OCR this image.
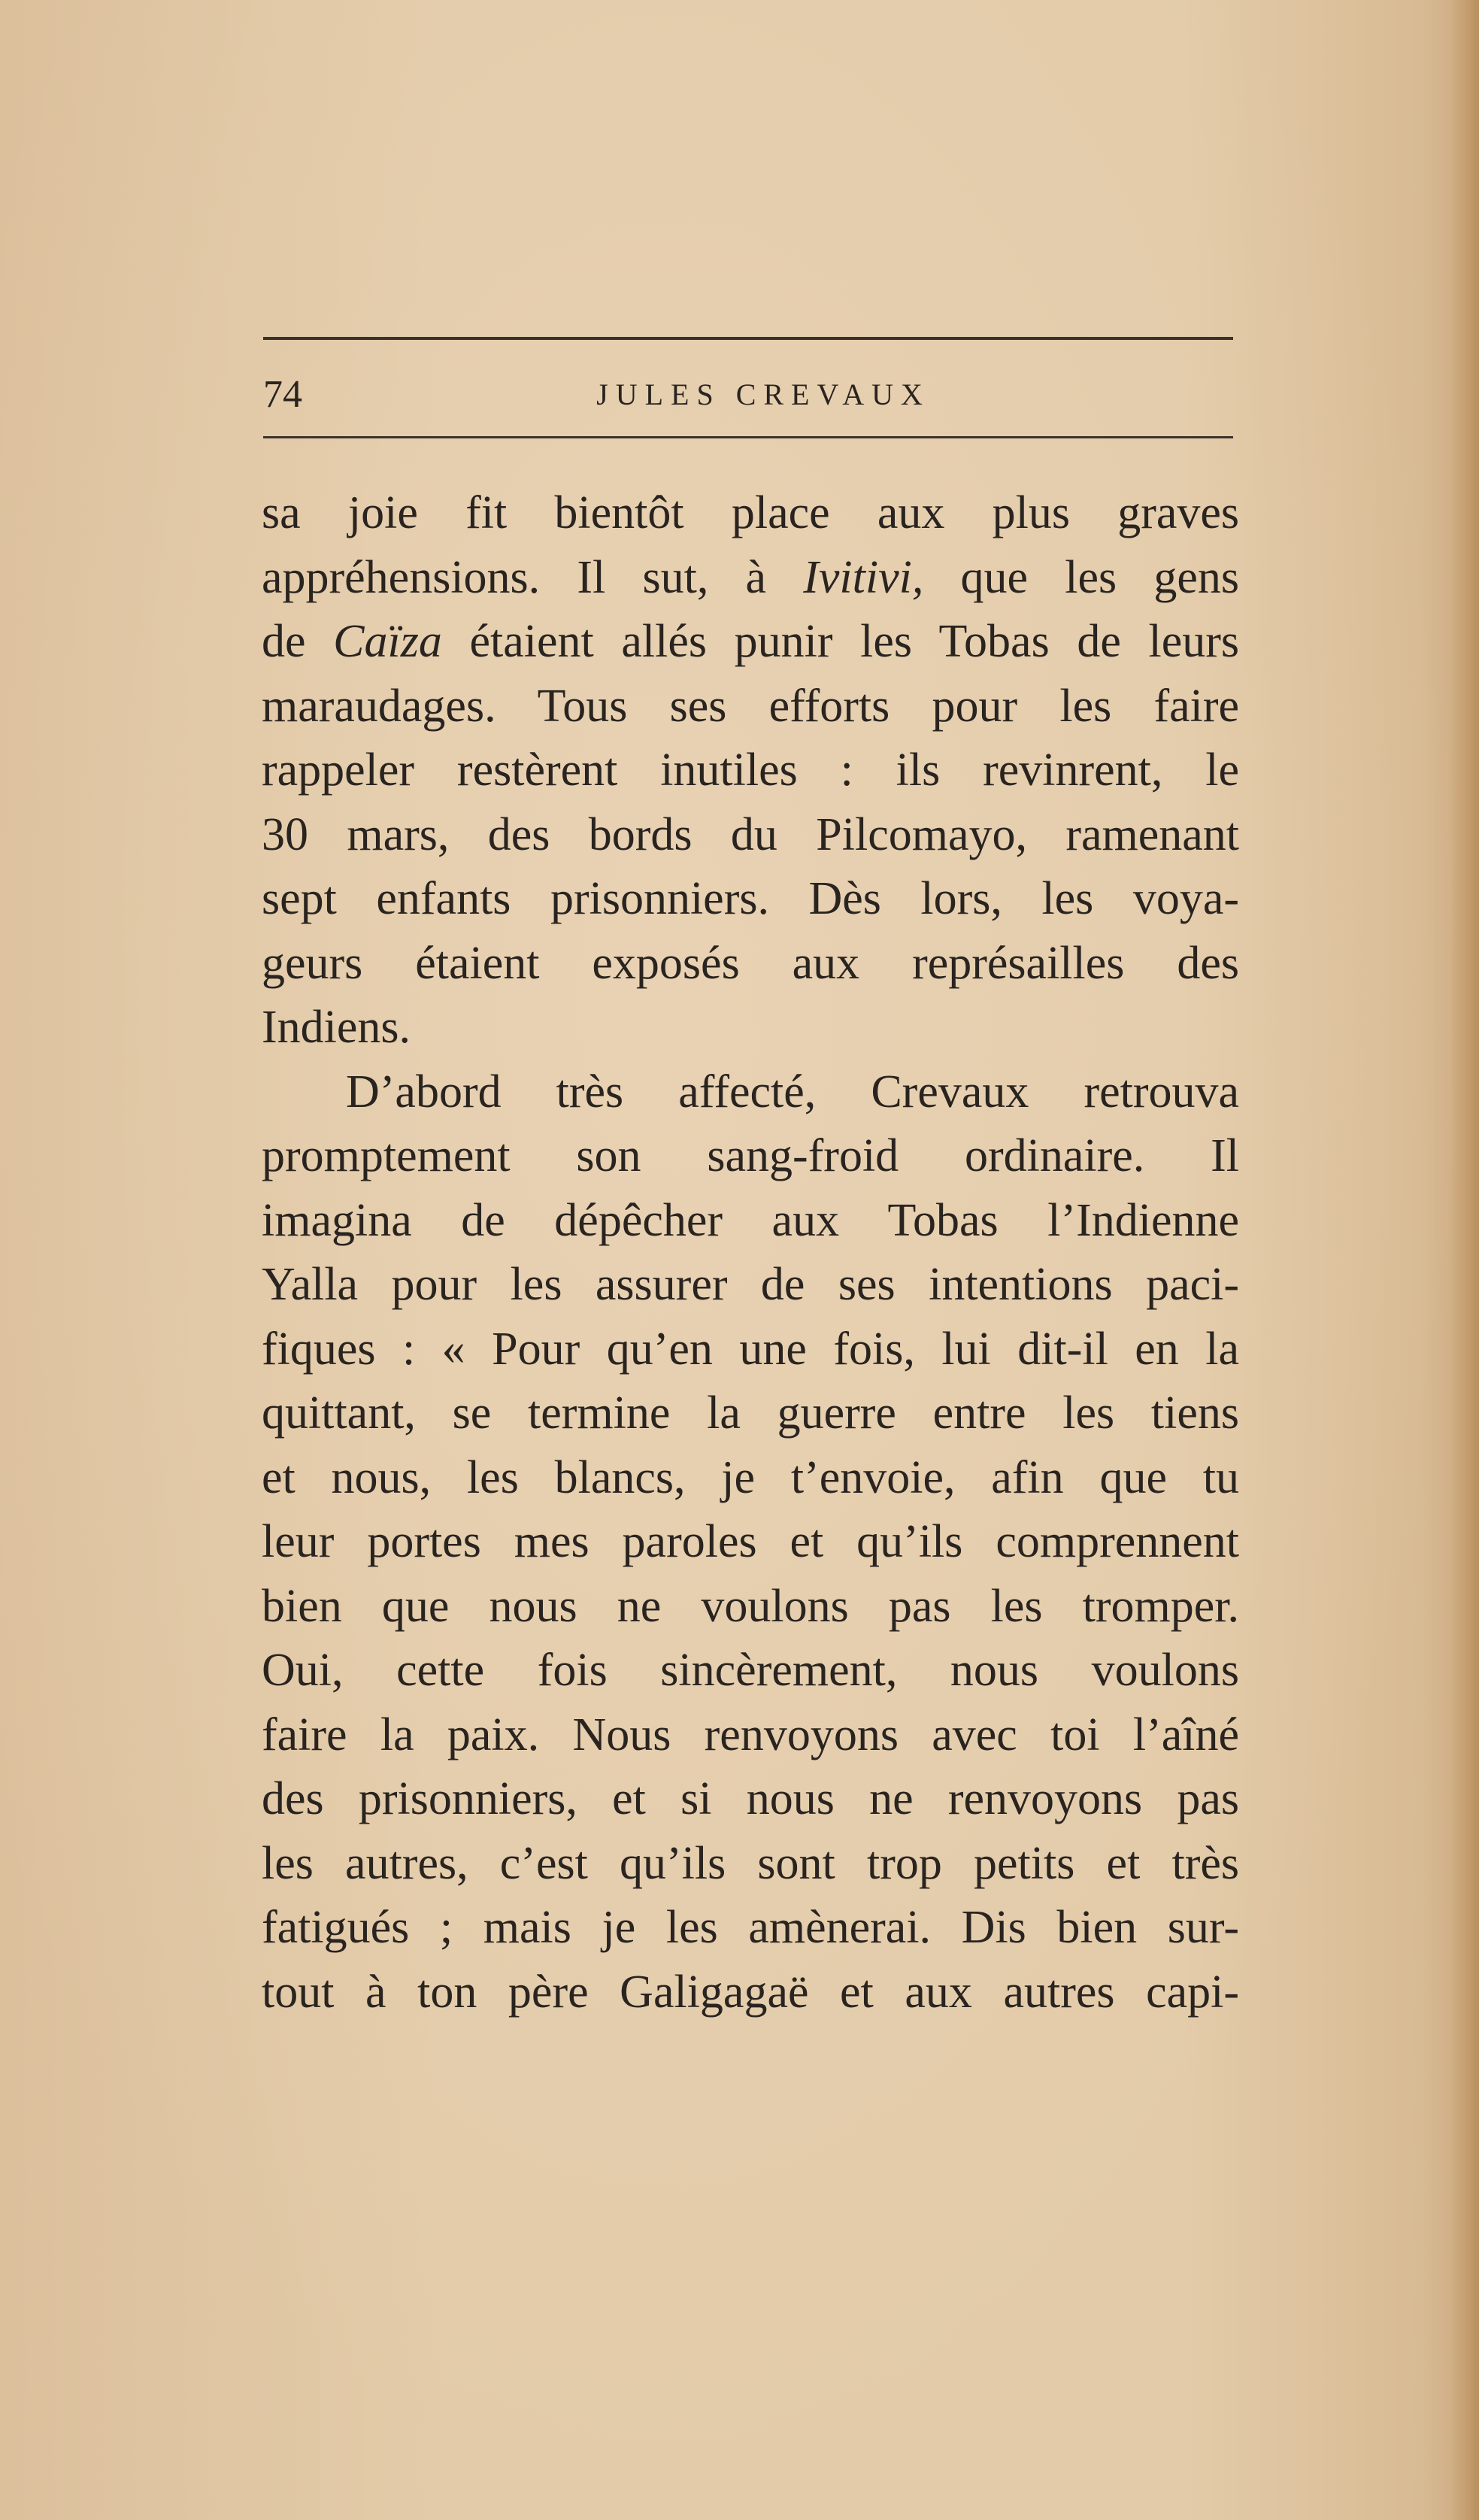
74	JULES CREVAUX
sa joie fit bientôt place aux plus graves
appréhensions. Il sut, à Ivitivi, que les gens
de Caïza étaient allés punir les Tobas de leurs
maraudages. Tous ses efforts pour les faire
rappeler restèrent inutiles : ils revinrent, le
30 mars, des bords du Pilcomayo, ramenant
sept enfants prisonniers. Dès lors, les voya-
geurs étaient exposés aux représailles des
Indiens.
D’abord très affecté, Crevaux retrouva
promptement son sang-froid ordinaire. Il
imagina de dépêcher aux Tobas l’Indienne
Yalla pour les assurer de ses intentions paci-
fiques : « Pour qu’en une fois, lui dit-il en la
quittant, se termine la guerre entre les tiens
et nous, les blancs, je t’envoie, afin que tu
leur portes mes paroles et qu’ils comprennent
bien que nous ne voulons pas les tromper.
Oui, cette fois sincèrement, nous voulons
faire la paix. Nous renvoyons avec toi l’aîné
des prisonniers, et si nous ne renvoyons pas
les autres, c’est qu’ils sont trop petits et très
fatigués ; mais je les amènerai. Dis bien sur-
tout à ton père Galigagaë et aux autres capi-
